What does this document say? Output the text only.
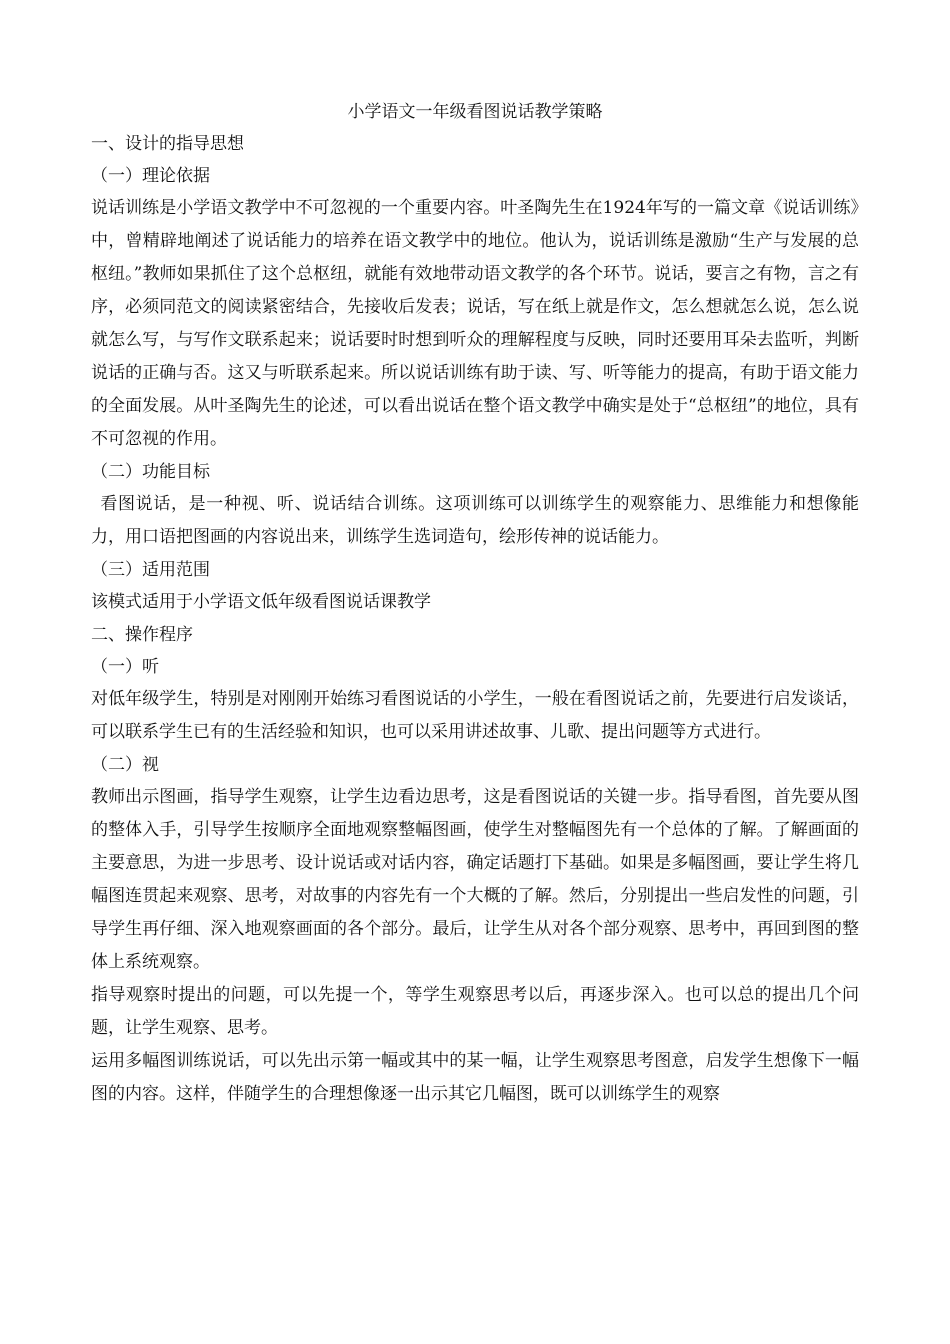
小学语文一年级看图说话教学策略
一、设计的指导思想
（一）理论依据

说话训练是小学语文教学中不可忽视的一个重要内容。叶圣陶先生在1924年写的一篇文章《说话训练》中，曾精辟地阐述了说话能力的培养在语文教学中的地位。他认为，说话训练是激励“生产与发展的总枢纽。”教师如果抓住了这个总枢纽，就能有效地带动语文教学的各个环节。说话，要言之有物，言之有序，必须同范文的阅读紧密结合，先接收后发表；说话，写在纸上就是作文，怎么想就怎么说，怎么说就怎么写，与写作文联系起来；说话要时时想到听众的理解程度与反映，同时还要用耳朵去监听，判断说话的正确与否。这又与听联系起来。所以说话训练有助于读、写、听等能力的提高，有助于语文能力的全面发展。从叶圣陶先生的论述，可以看出说话在整个语文教学中确实是处于“总枢纽”的地位，具有不可忽视的作用。

（二）功能目标

看图说话，是一种视、听、说话结合训练。这项训练可以训练学生的观察能力、思维能力和想像能力，用口语把图画的内容说出来，训练学生选词造句，绘形传神的说话能力。

（三）适用范围

该模式适用于小学语文低年级看图说话课教学

二、操作程序
（一）听

对低年级学生，特别是对刚刚开始练习看图说话的小学生，一般在看图说话之前，先要进行启发谈话，可以联系学生已有的生活经验和知识，也可以采用讲述故事、儿歌、提出问题等方式进行。

（二）视

教师出示图画，指导学生观察，让学生边看边思考，这是看图说话的关键一步。指导看图，首先要从图的整体入手，引导学生按顺序全面地观察整幅图画，使学生对整幅图先有一个总体的了解。了解画面的主要意思，为进一步思考、设计说话或对话内容，确定话题打下基础。如果是多幅图画，要让学生将几幅图连贯起来观察、思考，对故事的内容先有一个大概的了解。然后，分别提出一些启发性的问题，引导学生再仔细、深入地观察画面的各个部分。最后，让学生从对各个部分观察、思考中，再回到图的整体上系统观察。

指导观察时提出的问题，可以先提一个，等学生观察思考以后，再逐步深入。也可以总的提出几个问题，让学生观察、思考。

运用多幅图训练说话，可以先出示第一幅或其中的某一幅，让学生观察思考图意，启发学生想像下一幅图的内容。这样，伴随学生的合理想像逐一出示其它几幅图，既可以训练学生的观察
